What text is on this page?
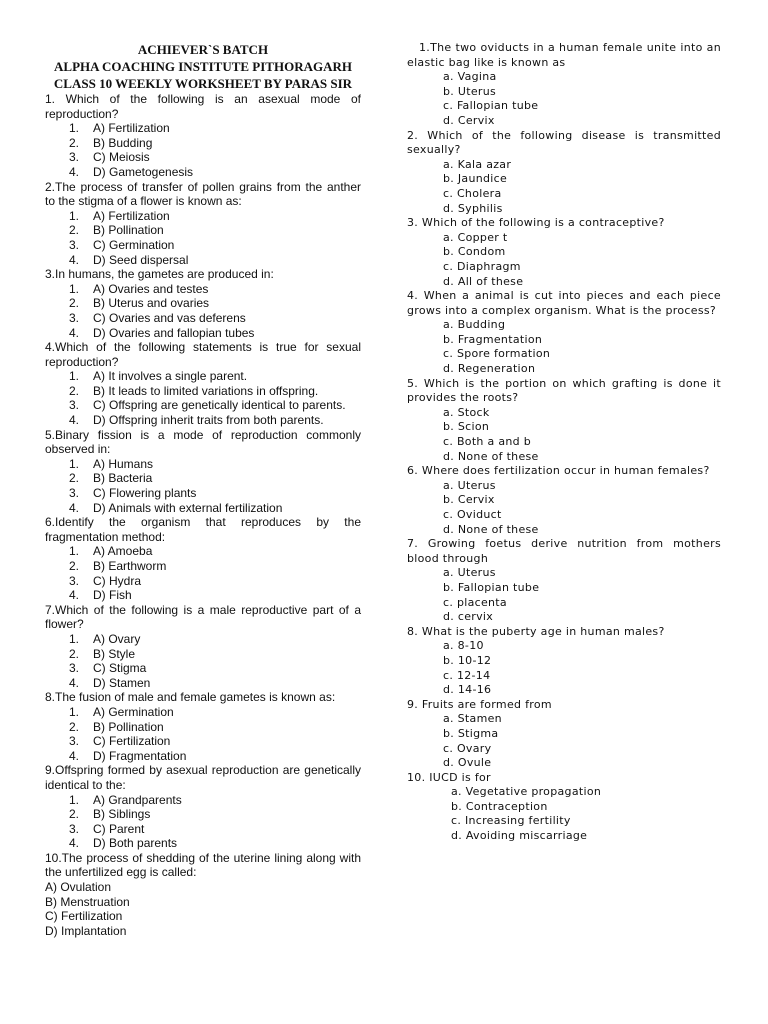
ACHIEVER`S BATCH
ALPHA COACHING INSTITUTE PITHORAGARH
CLASS 10 WEEKLY WORKSHEET BY PARAS SIR
1. Which of the following is an asexual mode of reproduction?
1. A) Fertilization
2. B) Budding
3. C) Meiosis
4. D) Gametogenesis
2.The process of transfer of pollen grains from the anther to the stigma of a flower is known as:
1. A) Fertilization
2. B) Pollination
3. C) Germination
4. D) Seed dispersal
3.In humans, the gametes are produced in:
1. A) Ovaries and testes
2. B) Uterus and ovaries
3. C) Ovaries and vas deferens
4. D) Ovaries and fallopian tubes
4.Which of the following statements is true for sexual reproduction?
1. A) It involves a single parent.
2. B) It leads to limited variations in offspring.
3. C) Offspring are genetically identical to parents.
4. D) Offspring inherit traits from both parents.
5.Binary fission is a mode of reproduction commonly observed in:
1. A) Humans
2. B) Bacteria
3. C) Flowering plants
4. D) Animals with external fertilization
6.Identify the organism that reproduces by the fragmentation method:
1. A) Amoeba
2. B) Earthworm
3. C) Hydra
4. D) Fish
7.Which of the following is a male reproductive part of a flower?
1. A) Ovary
2. B) Style
3. C) Stigma
4. D) Stamen
8.The fusion of male and female gametes is known as:
1. A) Germination
2. B) Pollination
3. C) Fertilization
4. D) Fragmentation
9.Offspring formed by asexual reproduction are genetically identical to the:
1. A) Grandparents
2. B) Siblings
3. C) Parent
4. D) Both parents
10.The process of shedding of the uterine lining along with the unfertilized egg is called:
A) Ovulation
B) Menstruation
C) Fertilization
D) Implantation
1.The two oviducts in a human female unite into an elastic bag like is known as
a. Vagina
b. Uterus
c. Fallopian tube
d. Cervix
2. Which of the following disease is transmitted sexually?
a. Kala azar
b. Jaundice
c. Cholera
d. Syphilis
3. Which of the following is a contraceptive?
a. Copper t
b. Condom
c. Diaphragm
d. All of these
4. When a animal is cut into pieces and each piece grows into a complex organism. What is the process?
a. Budding
b. Fragmentation
c. Spore formation
d. Regeneration
5. Which is the portion on which grafting is done it provides the roots?
a. Stock
b. Scion
c. Both a and b
d. None of these
6. Where does fertilization occur in human females?
a. Uterus
b. Cervix
c. Oviduct
d. None of these
7. Growing foetus derive nutrition from mothers blood through
a. Uterus
b. Fallopian tube
c. placenta
d. cervix
8. What is the puberty age in human males?
a. 8-10
b. 10-12
c. 12-14
d. 14-16
9. Fruits are formed from
a. Stamen
b. Stigma
c. Ovary
d. Ovule
10. IUCD is for
a. Vegetative propagation
b. Contraception
c. Increasing fertility
d. Avoiding miscarriage
